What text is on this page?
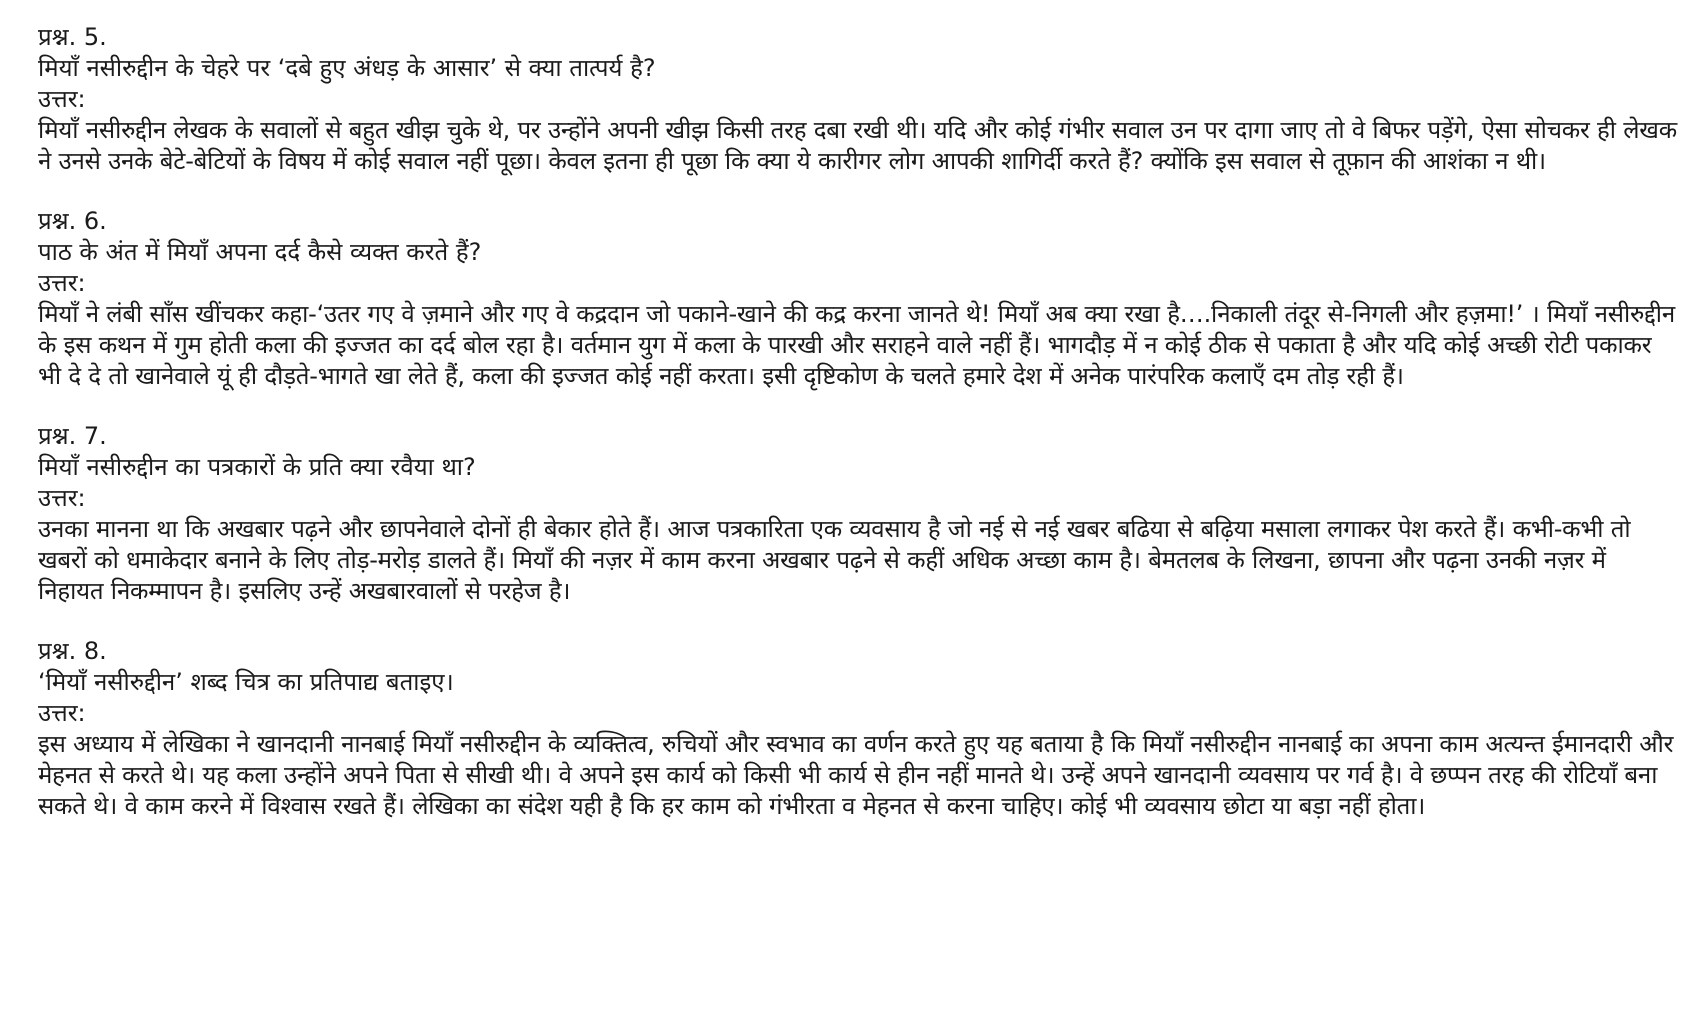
प्रश्न. 5.

मियाँ नसीरुद्दीन के चेहरे पर ‘दबे हुए अंधड़ के आसार’ से क्या तात्पर्य है?

उत्तर:

मियाँ नसीरुद्दीन लेखक के सवालों से बहुत खीझ चुके थे, पर उन्होंने अपनी खीझ किसी तरह दबा रखी थी। यदि और कोई गंभीर सवाल उन पर दागा जाए तो वे बिफर पड़ेंगे, ऐसा सोचकर ही लेखक ने उनसे उनके बेटे-बेटियों के विषय में कोई सवाल नहीं पूछा। केवल इतना ही पूछा कि क्या ये कारीगर लोग आपकी शागिर्दी करते हैं? क्योंकि इस सवाल से तूफ़ान की आशंका न थी।

प्रश्न. 6.

पाठ के अंत में मियाँ अपना दर्द कैसे व्यक्त करते हैं?

उत्तर:

मियाँ ने लंबी साँस खींचकर कहा-‘उतर गए वे ज़माने और गए वे कद्रदान जो पकाने-खाने की कद्र करना जानते थे! मियाँ अब क्या रखा है….निकाली तंदूर से-निगली और हज़मा!’ । मियाँ नसीरुद्दीन के इस कथन में गुम होती कला की इज्जत का दर्द बोल रहा है। वर्तमान युग में कला के पारखी और सराहने वाले नहीं हैं। भागदौड़ में न कोई ठीक से पकाता है और यदि कोई अच्छी रोटी पकाकर भी दे दे तो खानेवाले यूं ही दौड़ते-भागते खा लेते हैं, कला की इज्जत कोई नहीं करता। इसी दृष्टिकोण के चलते हमारे देश में अनेक पारंपरिक कलाएँ दम तोड़ रही हैं।

प्रश्न. 7.

मियाँ नसीरुद्दीन का पत्रकारों के प्रति क्या रवैया था?

उत्तर:

उनका मानना था कि अखबार पढ़ने और छापनेवाले दोनों ही बेकार होते हैं। आज पत्रकारिता एक व्यवसाय है जो नई से नई खबर बढिया से बढ़िया मसाला लगाकर पेश करते हैं। कभी-कभी तो खबरों को धमाकेदार बनाने के लिए तोड़-मरोड़ डालते हैं। मियाँ की नज़र में काम करना अखबार पढ़ने से कहीं अधिक अच्छा काम है। बेमतलब के लिखना, छापना और पढ़ना उनकी नज़र में निहायत निकम्मापन है। इसलिए उन्हें अखबारवालों से परहेज है।

प्रश्न. 8.

‘मियाँ नसीरुद्दीन’ शब्द चित्र का प्रतिपाद्य बताइए।

उत्तर:

इस अध्याय में लेखिका ने खानदानी नानबाई मियाँ नसीरुद्दीन के व्यक्तित्व, रुचियों और स्वभाव का वर्णन करते हुए यह बताया है कि मियाँ नसीरुद्दीन नानबाई का अपना काम अत्यन्त ईमानदारी और मेहनत से करते थे। यह कला उन्होंने अपने पिता से सीखी थी। वे अपने इस कार्य को किसी भी कार्य से हीन नहीं मानते थे। उन्हें अपने खानदानी व्यवसाय पर गर्व है। वे छप्पन तरह की रोटियाँ बना सकते थे। वे काम करने में विश्वास रखते हैं। लेखिका का संदेश यही है कि हर काम को गंभीरता व मेहनत से करना चाहिए। कोई भी व्यवसाय छोटा या बड़ा नहीं होता।
